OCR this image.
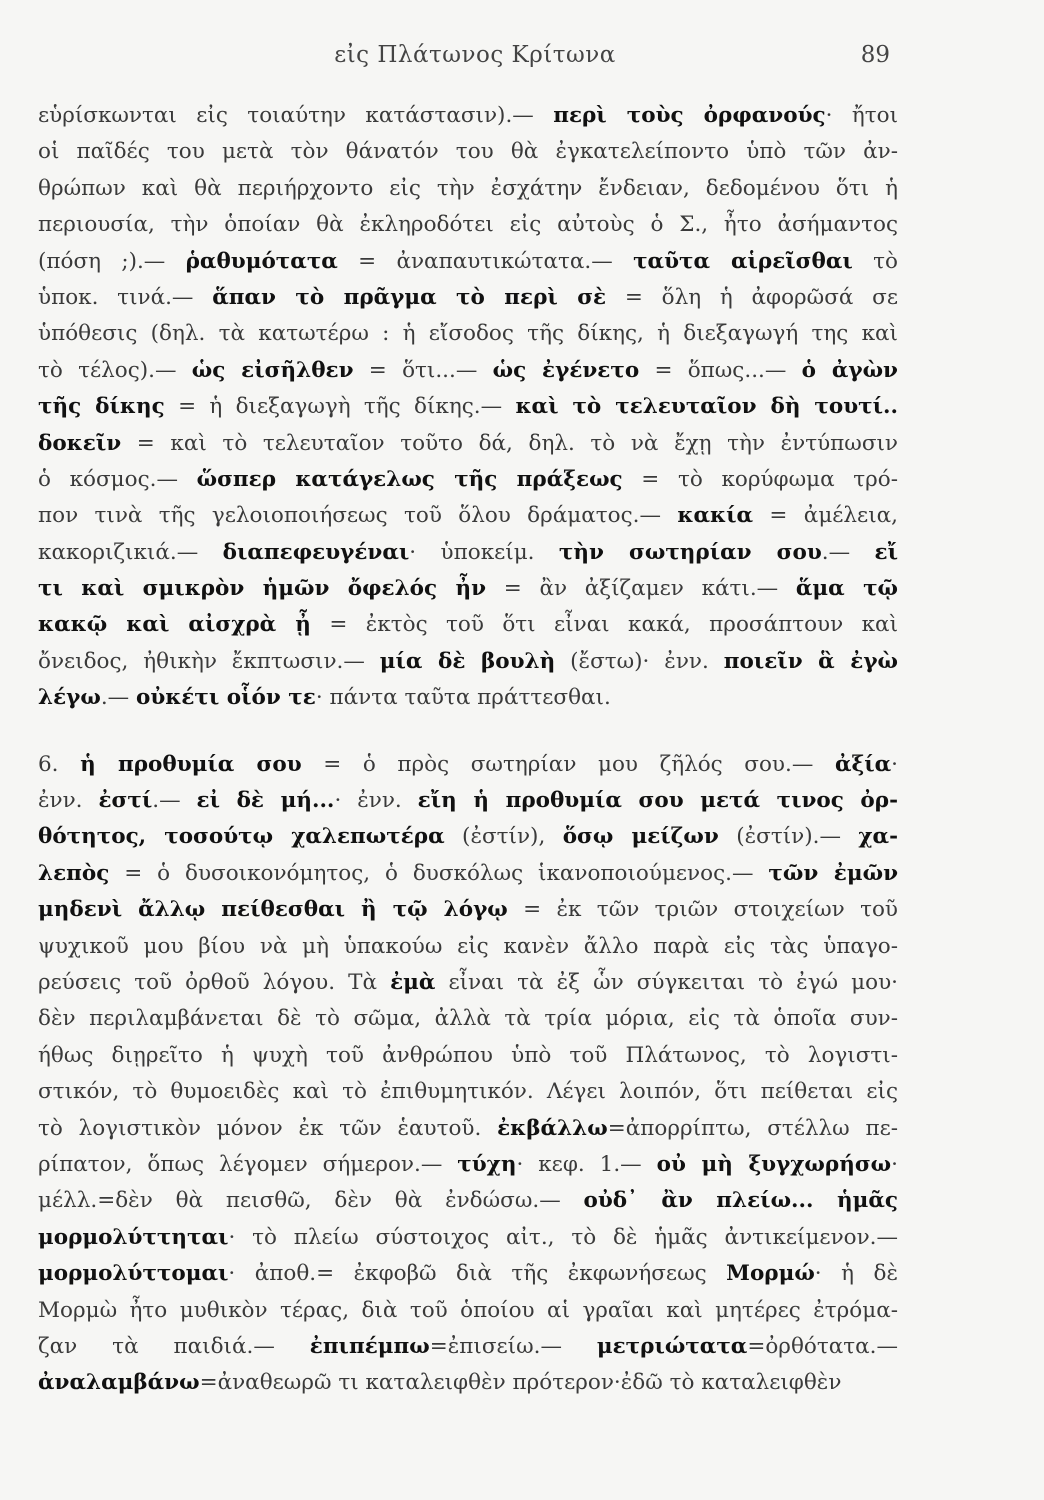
εἰς Πλάτωνος Κρίτωνα	89
εὑρίσκωνται εἰς τοιαύτην κατάστασιν).— περὶ τοὺς ὀρφανούς· ἤτοι
οἱ παῖδές του μετὰ τὸν θάνατόν του θὰ ἐγκατελείποντο ὑπὸ τῶν ἀν-
θρώπων καὶ θὰ περιήρχοντο εἰς τὴν ἐσχάτην ἔνδειαν, δεδομένου ὅτι ἡ
περιουσία, τὴν ὁποίαν θὰ ἐκληροδότει εἰς αὐτοὺς ὁ Σ., ἦτο ἀσήμαντος
(πόση ;).— ῥαθυμότατα = ἀναπαυτικώτατα.— ταῦτα αἱρεῖσθαι τὸ
ὑποκ. τινά.— ἅπαν τὸ πρᾶγμα τὸ περὶ σὲ = ὅλη ἡ ἀφορῶσά σε
ὑπόθεσις (δηλ. τὰ κατωτέρω : ἡ εἴσοδος τῆς δίκης, ἡ διεξαγωγή της καὶ
τὸ τέλος).— ὡς εἰσῆλθεν = ὅτι...— ὡς ἐγένετο = ὅπως...— ὁ ἀγὼν
τῆς δίκης = ἡ διεξαγωγὴ τῆς δίκης.— καὶ τὸ τελευταῖον δὴ τουτί..
δοκεῖν = καὶ τὸ τελευταῖον τοῦτο δά, δηλ. τὸ νὰ ἔχῃ τὴν ἐντύπωσιν
ὁ κόσμος.— ὥσπερ κατάγελως τῆς πράξεως = τὸ κορύφωμα τρό-
πον τινὰ τῆς γελοιοποιήσεως τοῦ ὅλου δράματος.— κακία = ἀμέλεια,
κακοριζικιά.— διαπεφευγέναι· ὑποκείμ. τὴν σωτηρίαν σου.— εἴ
τι καὶ σμικρὸν ἡμῶν ὄφελός ἦν = ἂν ἀξίζαμεν κάτι.— ἅμα τῷ
κακῷ καὶ αἰσχρὰ ᾖ = ἐκτὸς τοῦ ὅτι εἶναι κακά, προσάπτουν καὶ
ὄνειδος, ἠθικὴν ἔκπτωσιν.— μία δὲ βουλὴ (ἔστω)· ἐνν. ποιεῖν ἃ ἐγὼ
λέγω.— οὐκέτι οἷόν τε· πάντα ταῦτα πράττεσθαι.
6. ἡ προθυμία σου = ὁ πρὸς σωτηρίαν μου ζῆλός σου.— ἀξία·
ἐνν. ἐστί.— εἰ δὲ μή...· ἐνν. εἴη ἡ προθυμία σου μετά τινος ὀρ-
θότητος, τοσούτῳ χαλεπωτέρα (ἐστίν), ὅσῳ μείζων (ἐστίν).— χα-
λεπὸς = ὁ δυσοικονόμητος, ὁ δυσκόλως ἱκανοποιούμενος.— τῶν ἐμῶν
μηδενὶ ἄλλῳ πείθεσθαι ἢ τῷ λόγῳ = ἐκ τῶν τριῶν στοιχείων τοῦ
ψυχικοῦ μου βίου νὰ μὴ ὑπακούω εἰς κανὲν ἄλλο παρὰ εἰς τὰς ὑπαγο-
ρεύσεις τοῦ ὀρθοῦ λόγου. Τὰ ἐμὰ εἶναι τὰ ἐξ ὧν σύγκειται τὸ ἐγώ μου·
δὲν περιλαμβάνεται δὲ τὸ σῶμα, ἀλλὰ τὰ τρία μόρια, εἰς τὰ ὁποῖα συν-
ήθως διῃρεῖτο ἡ ψυχὴ τοῦ ἀνθρώπου ὑπὸ τοῦ Πλάτωνος, τὸ λογιστι-
στικόν, τὸ θυμοειδὲς καὶ τὸ ἐπιθυμητικόν. Λέγει λοιπόν, ὅτι πείθεται εἰς
τὸ λογιστικὸν μόνον ἐκ τῶν ἑαυτοῦ. ἐκβάλλω=ἀπορρίπτω, στέλλω πε-
ρίπατον, ὅπως λέγομεν σήμερον.— τύχη· κεφ. 1.— οὐ μὴ ξυγχωρήσω·
μέλλ.=δὲν θὰ πεισθῶ, δὲν θὰ ἐνδώσω.— οὐδ᾿ ἂν πλείω... ἡμᾶς
μορμολύττηται· τὸ πλείω σύστοιχος αἰτ., τὸ δὲ ἡμᾶς ἀντικείμενον.—
μορμολύττομαι· ἀποθ.= ἐκφοβῶ διὰ τῆς ἐκφωνήσεως Μορμώ· ἡ δὲ
Μορμὼ ἦτο μυθικὸν τέρας, διὰ τοῦ ὁποίου αἱ γραῖαι καὶ μητέρες ἐτρόμα-
ζαν τὰ παιδιά.— ἐπιπέμπω=ἐπισείω.— μετριώτατα=ὀρθότατα.—
ἀναλαμβάνω=ἀναθεωρῶ τι καταλειφθὲν πρότερον·ἐδῶ τὸ καταλειφθὲν
